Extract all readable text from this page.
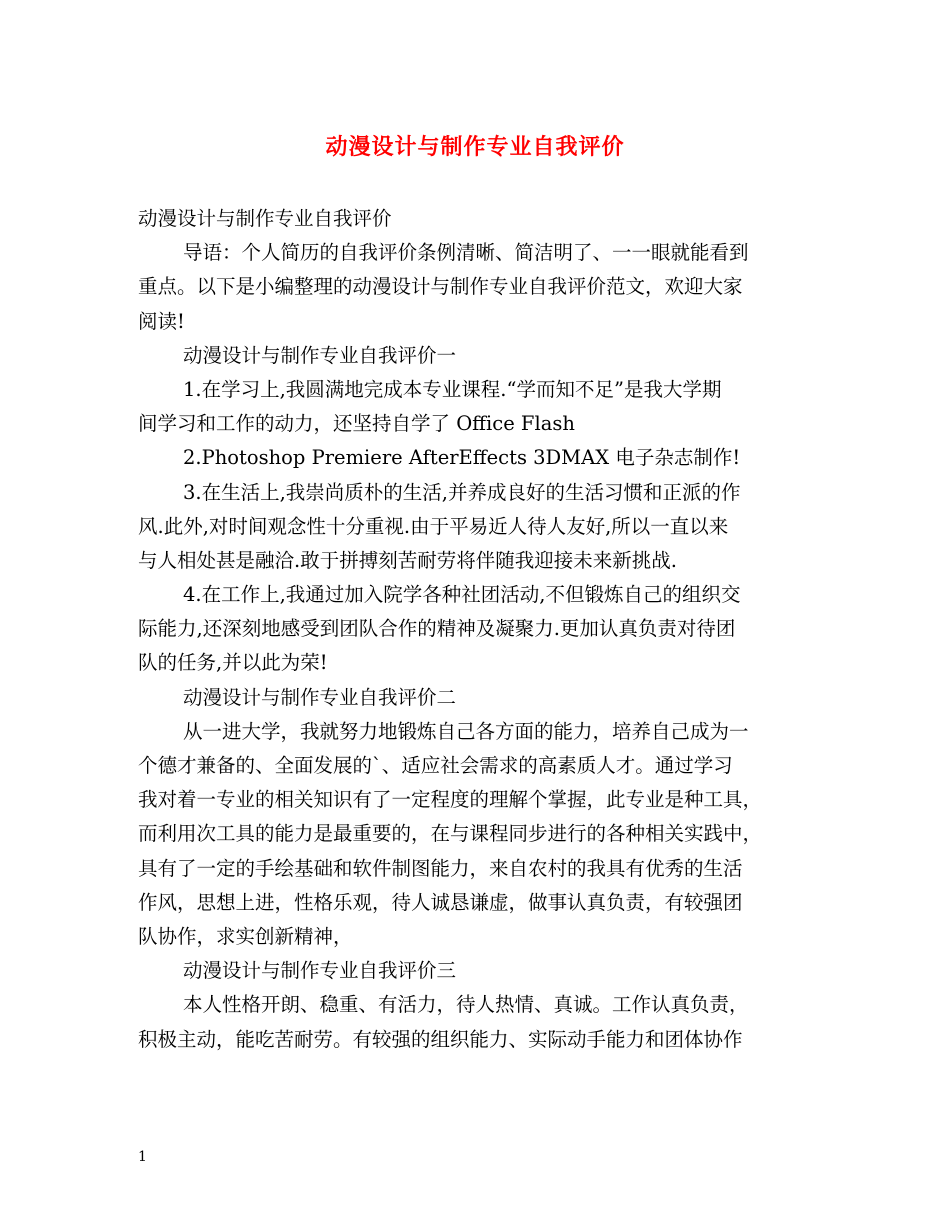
动漫设计与制作专业自我评价
动漫设计与制作专业自我评价
导语：个人简历的自我评价条例清晰、简洁明了、一一眼就能看到
重点。以下是小编整理的动漫设计与制作专业自我评价范文，欢迎大家
阅读!
动漫设计与制作专业自我评价一
1.在学习上,我圆满地完成本专业课程.“学而知不足”是我大学期
间学习和工作的动力，还坚持自学了 Office Flash
2.Photoshop Premiere AfterEffects 3DMAX 电子杂志制作!
3.在生活上,我崇尚质朴的生活,并养成良好的生活习惯和正派的作
风.此外,对时间观念性十分重视.由于平易近人待人友好,所以一直以来
与人相处甚是融洽.敢于拼搏刻苦耐劳将伴随我迎接未来新挑战.
4.在工作上,我通过加入院学各种社团活动,不但锻炼自己的组织交
际能力,还深刻地感受到团队合作的精神及凝聚力.更加认真负责对待团
队的任务,并以此为荣!
动漫设计与制作专业自我评价二
从一进大学，我就努力地锻炼自己各方面的能力，培养自己成为一
个德才兼备的、全面发展的`、适应社会需求的高素质人才。通过学习
我对着一专业的相关知识有了一定程度的理解个掌握，此专业是种工具，
而利用次工具的能力是最重要的，在与课程同步进行的各种相关实践中，
具有了一定的手绘基础和软件制图能力，来自农村的我具有优秀的生活
作风，思想上进，性格乐观，待人诚恳谦虚，做事认真负责，有较强团
队协作，求实创新精神，
动漫设计与制作专业自我评价三
本人性格开朗、稳重、有活力，待人热情、真诚。工作认真负责，
积极主动，能吃苦耐劳。有较强的组织能力、实际动手能力和团体协作
1
